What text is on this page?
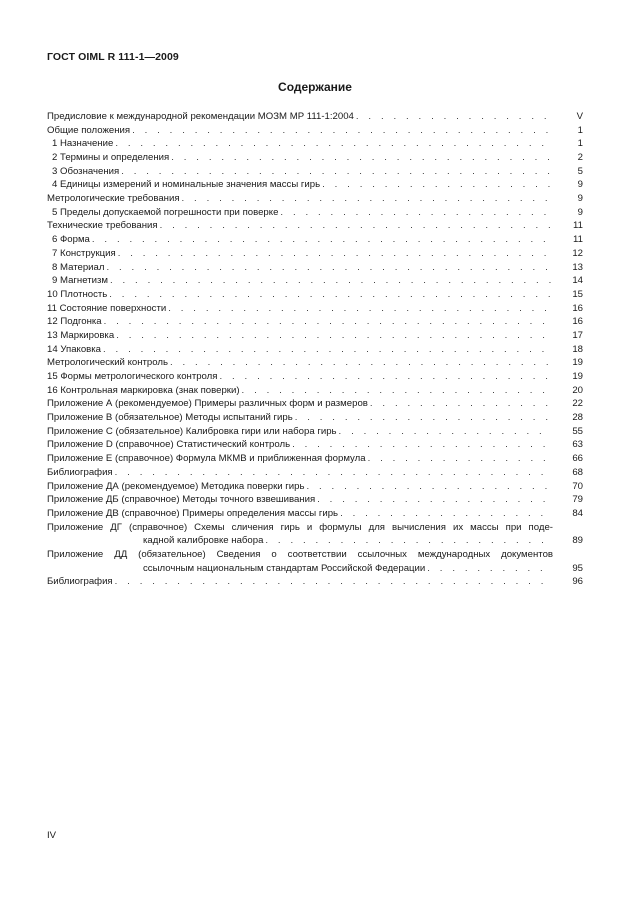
ГОСТ OIML R 111-1—2009
Содержание
Предисловие к международной рекомендации МОЗМ МР 111-1:2004 . . .	V
Общие положения . . .	1
1 Назначение . . .	1
2 Термины и определения . . .	2
3 Обозначения . . .	5
4 Единицы измерений и номинальные значения массы гирь . . .	9
Метрологические требования . . .	9
5 Пределы допускаемой погрешности при поверке . . .	9
Технические требования . . .	11
6 Форма . . .	11
7 Конструкция . . .	12
8 Материал . . .	13
9 Магнетизм . . .	14
10 Плотность . . .	15
11 Состояние поверхности . . .	16
12 Подгонка . . .	16
13 Маркировка . . .	17
14 Упаковка . . .	18
Метрологический контроль . . .	19
15 Формы метрологического контроля . . .	19
16 Контрольная маркировка (знак поверки) . . .	20
Приложение А (рекомендуемое) Примеры различных форм и размеров . . .	22
Приложение В (обязательное) Методы испытаний гирь . . .	28
Приложение С (обязательное) Калибровка гири или набора гирь . . .	55
Приложение D (справочное) Статистический контроль . . .	63
Приложение Е (справочное) Формула МКМВ и приближенная формула . . .	66
Библиография . . .	68
Приложение ДА (рекомендуемое) Методика поверки гирь . . .	70
Приложение ДБ (справочное) Методы точного взвешивания . . .	79
Приложение ДВ (справочное) Примеры определения массы гирь . . .	84
Приложение ДГ (справочное) Схемы сличения гирь и формулы для вычисления их массы при поде-
кадной калибровке набора . . .	89
Приложение ДД (обязательное) Сведения о соответствии ссылочных международных документов
ссылочным национальным стандартам Российской Федерации . . .	95
Библиография . . .	96
IV
